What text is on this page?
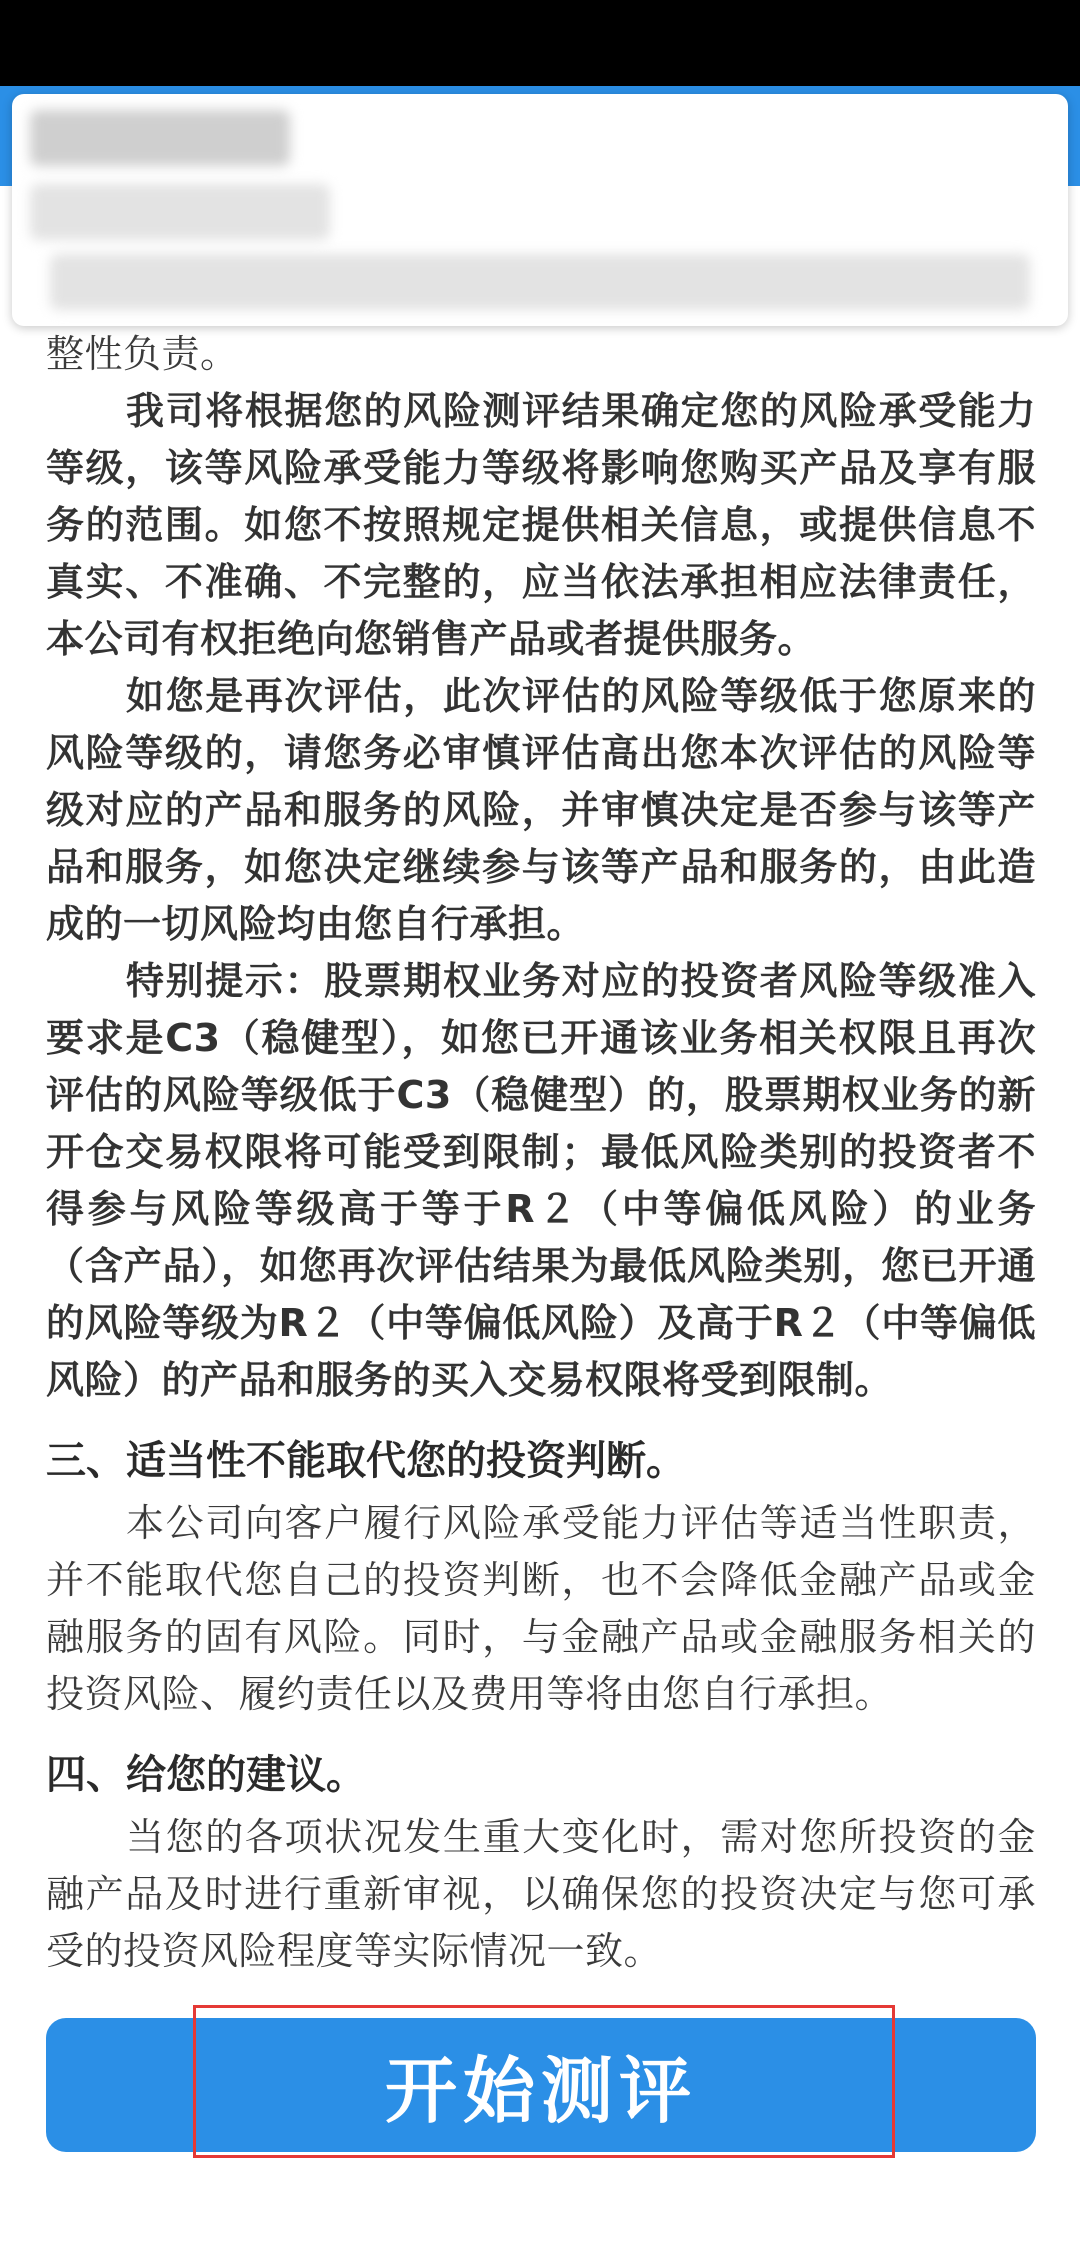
整性负责。

我司将根据您的风险测评结果确定您的风险承受能力等级，该等风险承受能力等级将影响您购买产品及享有服务的范围。如您不按照规定提供相关信息，或提供信息不真实、不准确、不完整的，应当依法承担相应法律责任，本公司有权拒绝向您销售产品或者提供服务。

如您是再次评估，此次评估的风险等级低于您原来的风险等级的，请您务必审慎评估高出您本次评估的风险等级对应的产品和服务的风险，并审慎决定是否参与该等产品和服务，如您决定继续参与该等产品和服务的，由此造成的一切风险均由您自行承担。

特别提示：股票期权业务对应的投资者风险等级准入要求是C3（稳健型），如您已开通该业务相关权限且再次评估的风险等级低于C3（稳健型）的，股票期权业务的新开仓交易权限将可能受到限制；最低风险类别的投资者不得参与风险等级高于等于R２（中等偏低风险）的业务（含产品），如您再次评估结果为最低风险类别，您已开通的风险等级为R２（中等偏低风险）及高于R２（中等偏低风险）的产品和服务的买入交易权限将受到限制。

三、适当性不能取代您的投资判断。

本公司向客户履行风险承受能力评估等适当性职责，并不能取代您自己的投资判断，也不会降低金融产品或金融服务的固有风险。同时，与金融产品或金融服务相关的投资风险、履约责任以及费用等将由您自行承担。

四、给您的建议。

当您的各项状况发生重大变化时，需对您所投资的金融产品及时进行重新审视，以确保您的投资决定与您可承受的投资风险程度等实际情况一致。

开始测评
